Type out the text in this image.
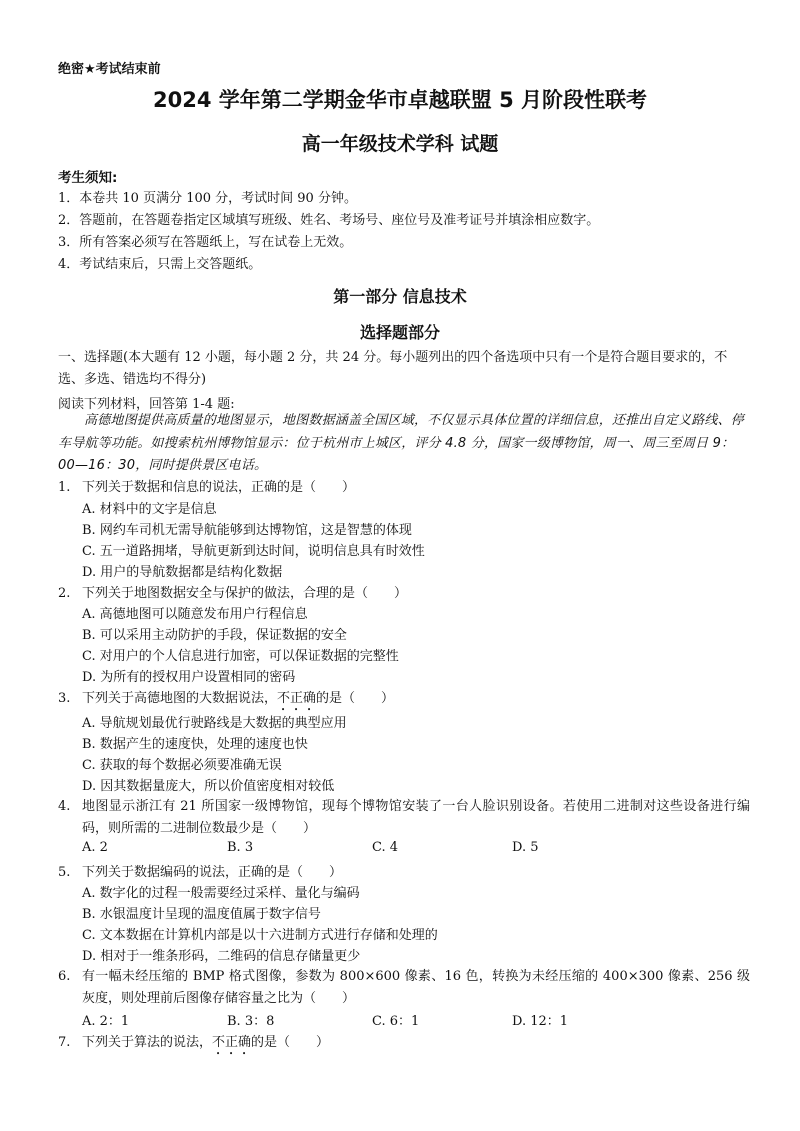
绝密★考试结束前
2024 学年第二学期金华市卓越联盟 5 月阶段性联考
高一年级技术学科 试题
考生须知:
1．本卷共 10 页满分 100 分，考试时间 90 分钟。
2．答题前，在答题卷指定区域填写班级、姓名、考场号、座位号及准考证号并填涂相应数字。
3．所有答案必须写在答题纸上，写在试卷上无效。
4．考试结束后，只需上交答题纸。
第一部分 信息技术
选择题部分
一、选择题(本大题有 12 小题，每小题 2 分，共 24 分。每小题列出的四个备选项中只有一个是符合题目要求的，不选、多选、错选均不得分)
阅读下列材料，回答第 1-4 题:
高德地图提供高质量的地图显示，地图数据涵盖全国区域，不仅显示具体位置的详细信息，还推出自定义路线、停车导航等功能。如搜索杭州博物馆显示：位于杭州市上城区，评分 4.8 分，国家一级博物馆，周一、周三至周日 9：00—16：30，同时提供景区电话。
1. 下列关于数据和信息的说法，正确的是（　　）
A. 材料中的文字是信息
B. 网约车司机无需导航能够到达博物馆，这是智慧的体现
C. 五一道路拥堵，导航更新到达时间，说明信息具有时效性
D. 用户的导航数据都是结构化数据
2. 下列关于地图数据安全与保护的做法，合理的是（　　）
A. 高德地图可以随意发布用户行程信息
B. 可以采用主动防护的手段，保证数据的安全
C. 对用户的个人信息进行加密，可以保证数据的完整性
D. 为所有的授权用户设置相同的密码
3. 下列关于高德地图的大数据说法，不正确的是（　　）
A. 导航规划最优行驶路线是大数据的典型应用
B. 数据产生的速度快，处理的速度也快
C. 获取的每个数据必须要准确无误
D. 因其数据量庞大，所以价值密度相对较低
4. 地图显示浙江有 21 所国家一级博物馆，现每个博物馆安装了一台人脸识别设备。若使用二进制对这些设备进行编码，则所需的二进制位数最少是（　　）
A. 2	B. 3	C. 4	D. 5
5. 下列关于数据编码的说法，正确的是（　　）
A. 数字化的过程一般需要经过采样、量化与编码
B. 水银温度计呈现的温度值属于数字信号
C. 文本数据在计算机内部是以十六进制方式进行存储和处理的
D. 相对于一维条形码，二维码的信息存储量更少
6. 有一幅未经压缩的 BMP 格式图像，参数为 800×600 像素、16 色，转换为未经压缩的 400×300 像素、256 级灰度，则处理前后图像存储容量之比为（　　）
A. 2：1	B. 3：8	C. 6：1	D. 12：1
7. 下列关于算法的说法，不正确的是（　　）
